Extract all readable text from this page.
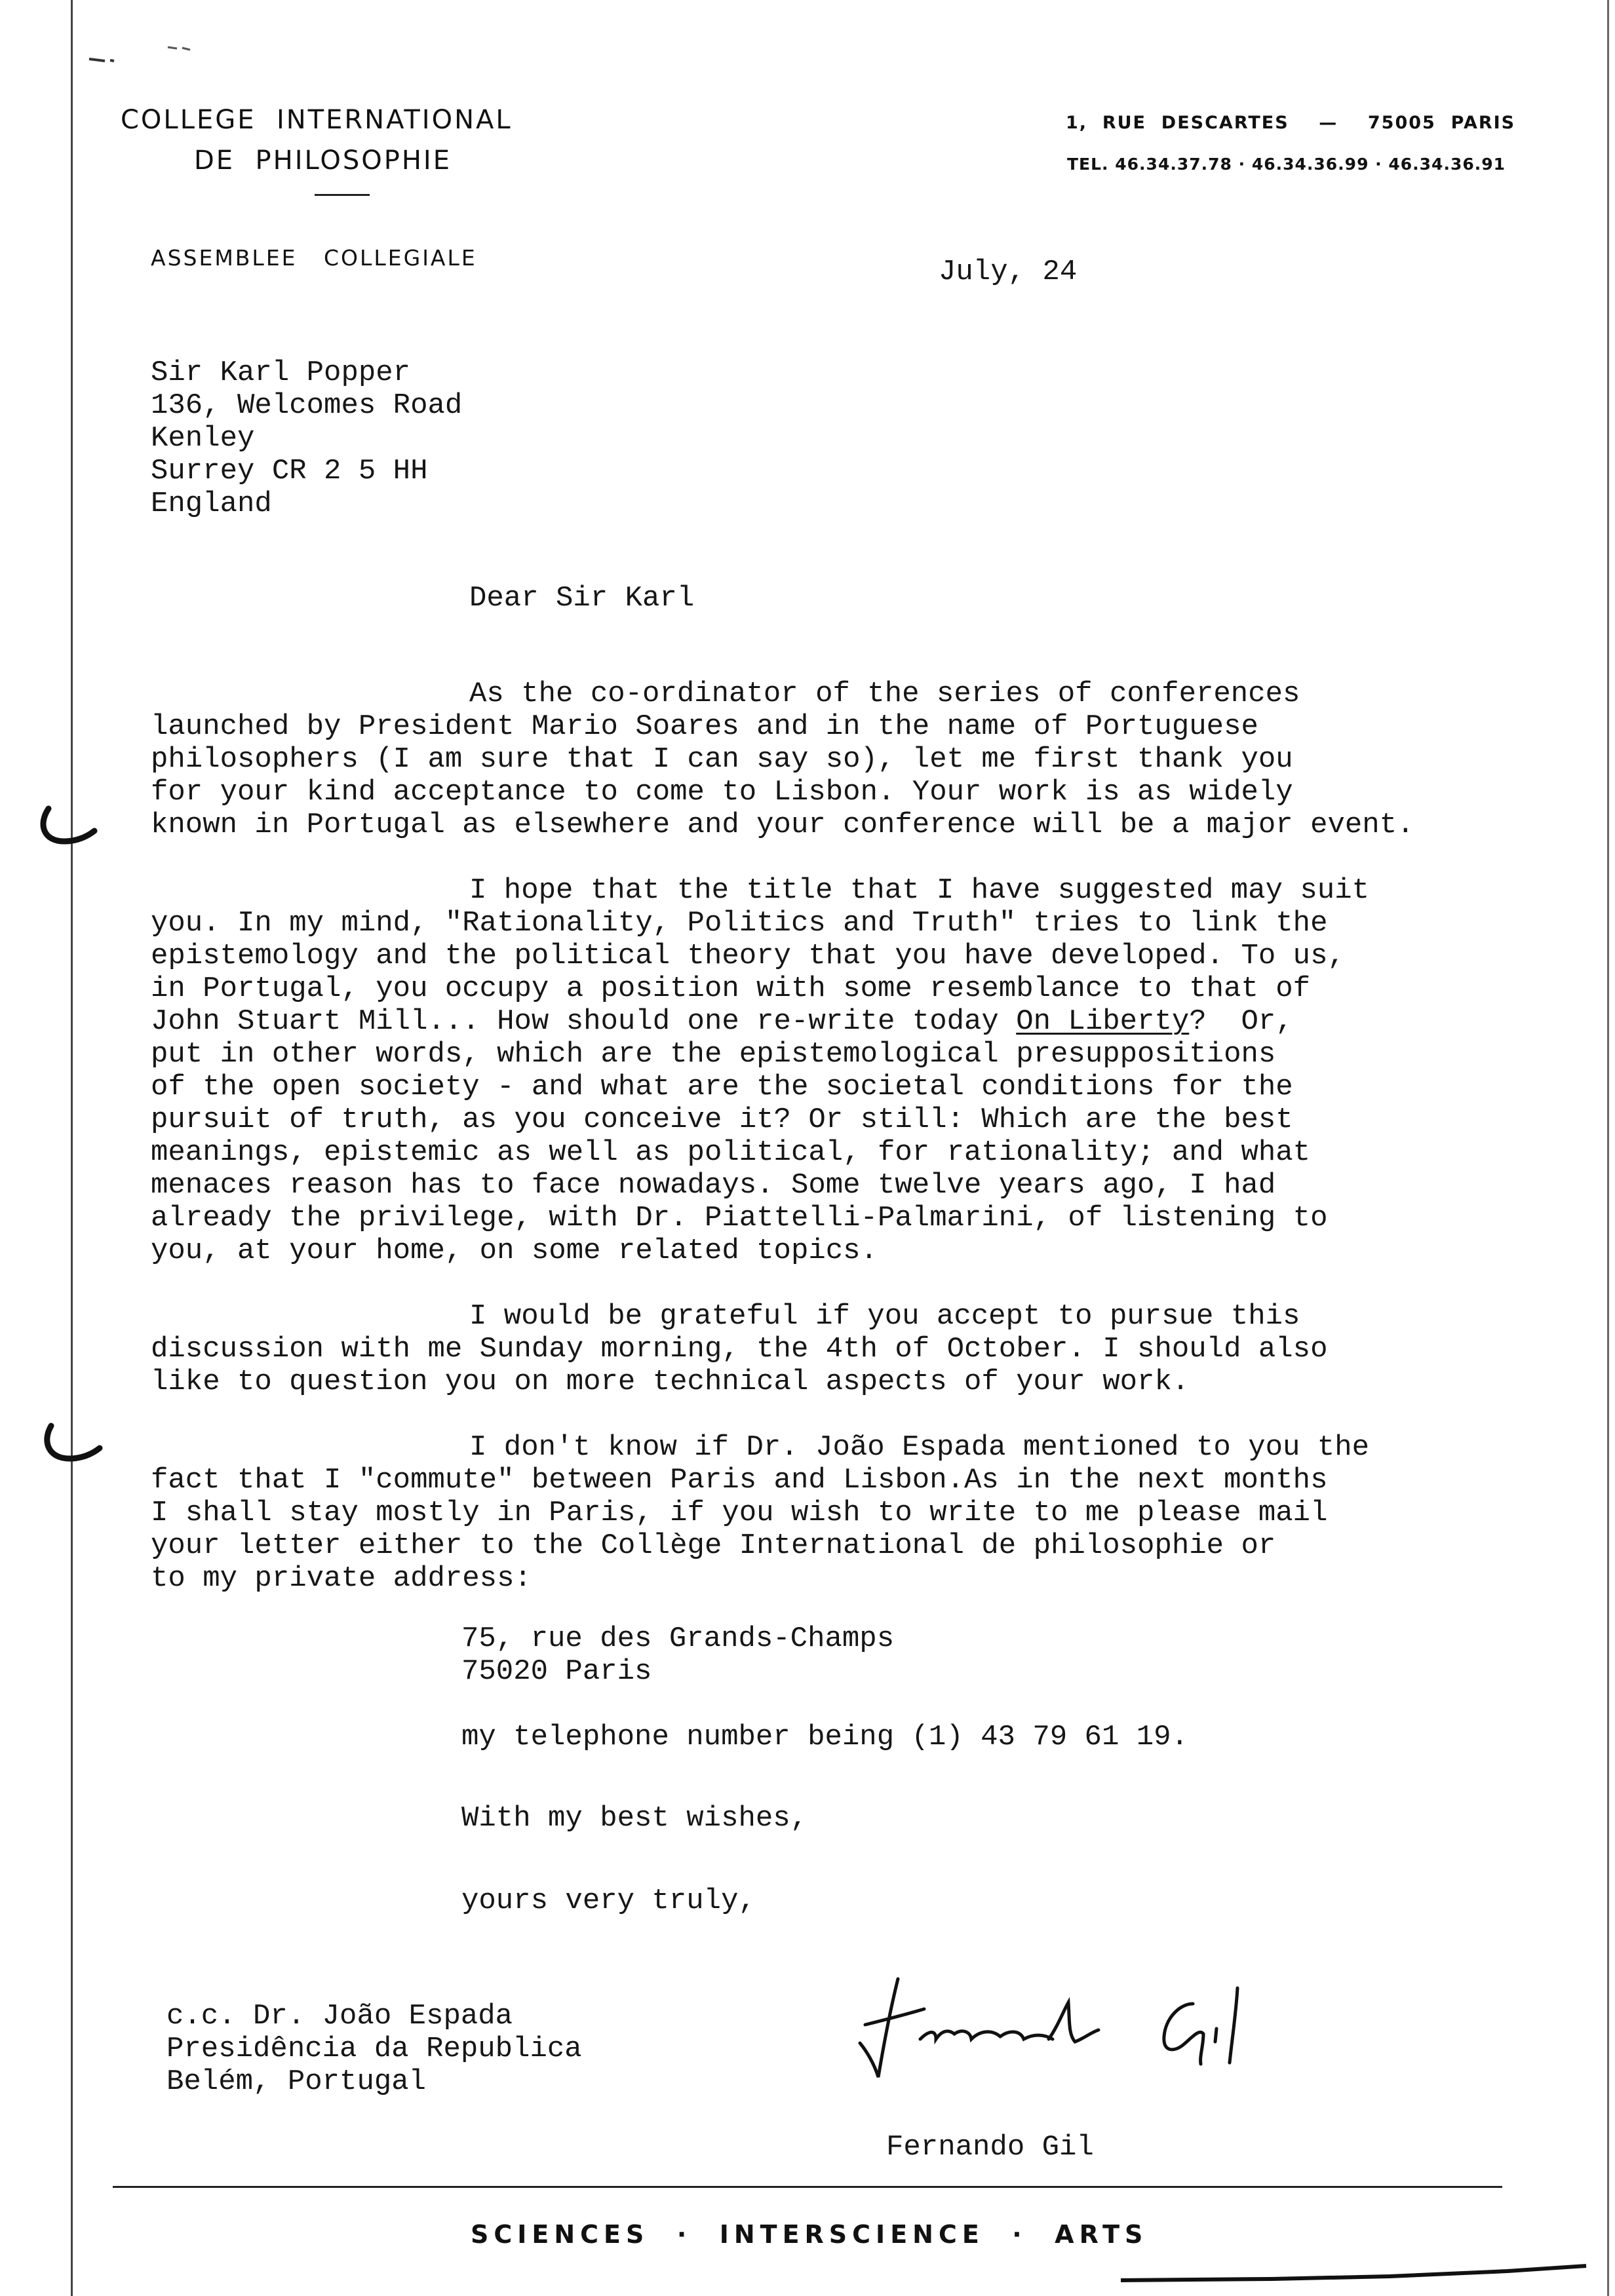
COLLEGE  INTERNATIONAL
DE  PHILOSOPHIE
1,  RUE  DESCARTES    —    75005  PARIS
TEL. 46.34.37.78 · 46.34.36.99 · 46.34.36.91
ASSEMBLEE   COLLEGIALE	July, 24
Sir Karl Popper
136, Welcomes Road
Kenley
Surrey CR 2 5 HH
England
Dear Sir Karl
As the co-ordinator of the series of conferences
launched by President Mario Soares and in the name of Portuguese
philosophers (I am sure that I can say so), let me first thank you
for your kind acceptance to come to Lisbon. Your work is as widely
known in Portugal as elsewhere and your conference will be a major event.
I hope that the title that I have suggested may suit
you. In my mind, "Rationality, Politics and Truth" tries to link the
epistemology and the political theory that you have developed. To us,
in Portugal, you occupy a position with some resemblance to that of
John Stuart Mill... How should one re-write today On Liberty?  Or,
put in other words, which are the epistemological presuppositions
of the open society - and what are the societal conditions for the
pursuit of truth, as you conceive it? Or still: Which are the best
meanings, epistemic as well as political, for rationality; and what
menaces reason has to face nowadays. Some twelve years ago, I had
already the privilege, with Dr. Piattelli-Palmarini, of listening to
you, at your home, on some related topics.
I would be grateful if you accept to pursue this
discussion with me Sunday morning, the 4th of October. I should also
like to question you on more technical aspects of your work.
I don't know if Dr. João Espada mentioned to you the
fact that I "commute" between Paris and Lisbon.As in the next months
I shall stay mostly in Paris, if you wish to write to me please mail
your letter either to the Collège International de philosophie or
to my private address:
75, rue des Grands-Champs
75020 Paris
my telephone number being (1) 43 79 61 19.
With my best wishes,
yours very truly,
c.c. Dr. João Espada
Presidência da Republica
Belém, Portugal
Fernando Gil
SCIENCES  ·  INTERSCIENCE  ·  ARTS
